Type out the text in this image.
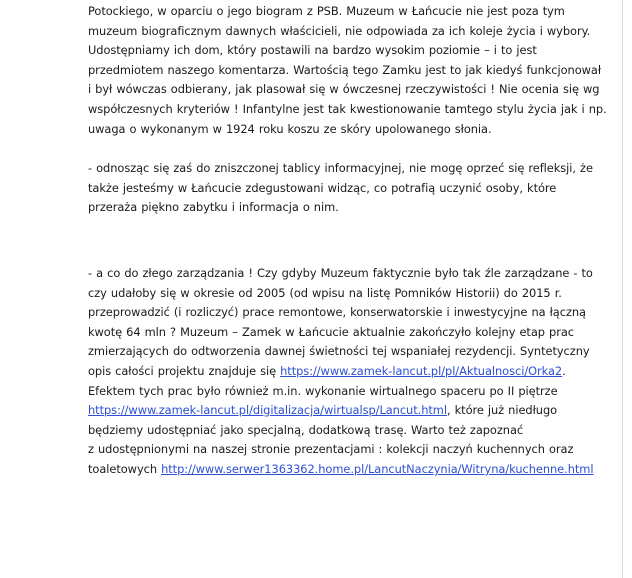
Potockiego, w oparciu o jego biogram z PSB. Muzeum w Łańcucie nie jest poza tym
muzeum biograficznym dawnych właścicieli, nie odpowiada za ich koleje życia i wybory.
Udostępniamy ich dom, który postawili na bardzo wysokim poziomie – i to jest
przedmiotem naszego komentarza. Wartością tego Zamku jest to jak kiedyś funkcjonował
i był wówczas odbierany, jak plasował się w ówczesnej rzeczywistości ! Nie ocenia się wg
współczesnych kryteriów ! Infantylne jest tak kwestionowanie tamtego stylu życia jak i np.
uwaga o wykonanym w 1924 roku koszu ze skóry upolowanego słonia.
- odnosząc się zaś do zniszczonej tablicy informacyjnej, nie mogę oprzeć się refleksji, że
także jesteśmy w Łańcucie zdegustowani widząc, co potrafią uczynić osoby, które
przeraża piękno zabytku i informacja o nim.
- a co do złego zarządzania ! Czy gdyby Muzeum faktycznie było tak źle zarządzane - to
czy udałoby się w okresie od 2005 (od wpisu na listę Pomników Historii) do 2015 r.
przeprowadzić (i rozliczyć) prace remontowe, konserwatorskie i inwestycyjne na łączną
kwotę 64 mln ? Muzeum – Zamek w Łańcucie aktualnie zakończyło kolejny etap prac
zmierzających do odtworzenia dawnej świetności tej wspaniałej rezydencji. Syntetyczny
opis całości projektu znajduje się https://www.zamek-lancut.pl/pl/Aktualnosci/Orka2.
Efektem tych prac było również m.in. wykonanie wirtualnego spaceru po II piętrze
https://www.zamek-lancut.pl/digitalizacja/wirtualsp/Lancut.html, które już niedługo
będziemy udostępniać jako specjalną, dodatkową trasę. Warto też zapoznać
z udostępnionymi na naszej stronie prezentacjami : kolekcji naczyń kuchennych oraz
toaletowych http://www.serwer1363362.home.pl/LancutNaczynia/Witryna/kuchenne.html
